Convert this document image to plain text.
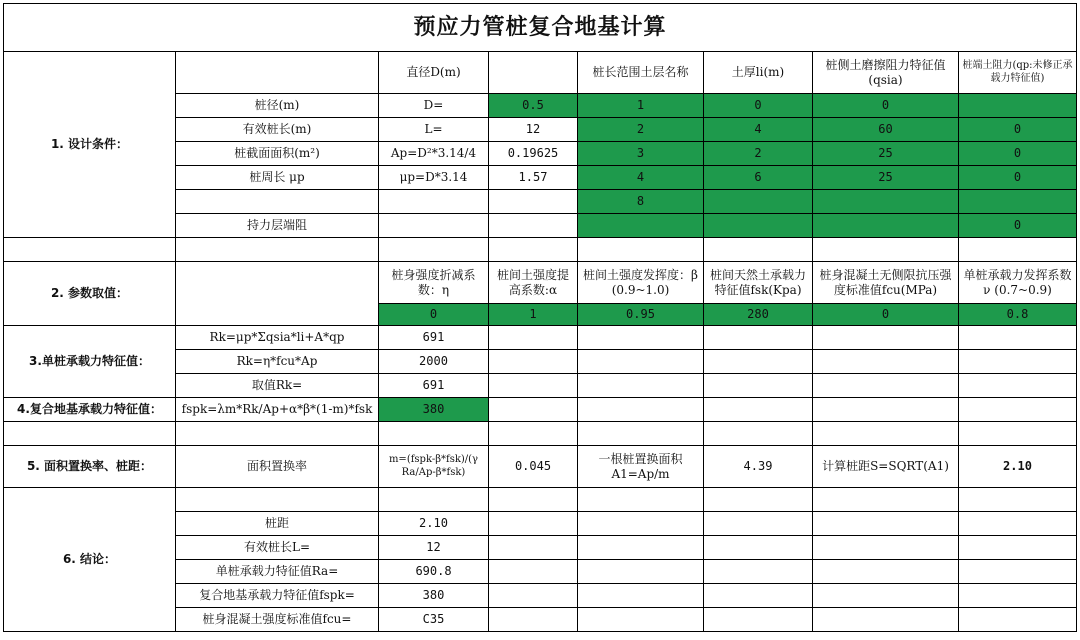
预应力管桩复合地基计算							
1. 设计条件：		直径D(m)		桩长范围土层名称	土厚li(m)	桩侧土磨擦阻力特征值(qsia)	桩端土阻力(qp:未修正承载力特征值)
	桩径(m)	D=	0.5	1	0	0	
	有效桩长(m)	L=	12	2	4	60	0
	桩截面面积(m²)	Ap=D²*3.14/4	0.19625	3	2	25	0
	桩周长 μp	μp=D*3.14	1.57	4	6	25	0
				8			
	持力层端阻						0

2. 参数取值：		桩身强度折减系数：η	桩间土强度提高系数:α	桩间土强度发挥度：β (0.9~1.0)	桩间天然土承载力特征值fsk(Kpa)	桩身混凝土无侧限抗压强度标准值fcu(MPa)	单桩承载力发挥系数ν (0.7~0.9)
		0	1	0.95	280	0	0.8
3.单桩承载力特征值：	Rk=μp*Σqsia*li+A*qp	691					
	Rk=η*fcu*Ap	2000					
	取值Rk=	691					
4.复合地基承载力特征值：	fspk=λm*Rk/Ap+α*β*(1-m)*fsk	380					

5. 面积置换率、桩距：	面积置换率	m=(fspk-β*fsk)/(γ Ra/Ap-β*fsk)	0.045	一根桩置换面积 A1=Ap/m	4.39	计算桩距S=SQRT(A1)	2.10
6. 结论：							
	桩距	2.10					
	有效桩长L=	12					
	单桩承载力特征值Ra=	690.8					
	复合地基承载力特征值fspk=	380					
	桩身混凝土强度标准值fcu=	C35					
